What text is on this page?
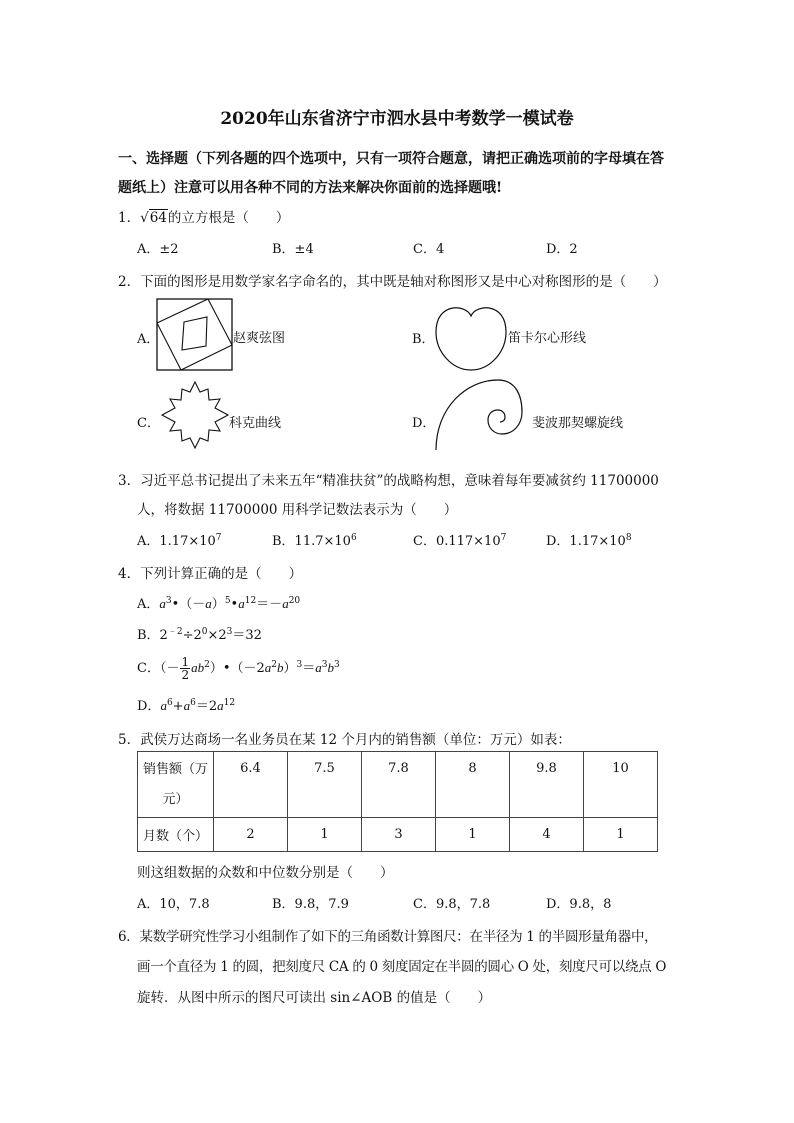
2020年山东省济宁市泗水县中考数学一模试卷
一、选择题（下列各题的四个选项中，只有一项符合题意，请把正确选项前的字母填在答
题纸上）注意可以用各种不同的方法来解决你面前的选择题哦!
1．√64的立方根是（　　）
A．±2	B．±4	C．4	D．2
2．下面的图形是用数学家名字命名的，其中既是轴对称图形又是中心对称图形的是（　　）
A．	赵爽弦图	B．	笛卡尔心形线
C．	科克曲线	D．	斐波那契螺旋线
3．习近平总书记提出了未来五年“精准扶贫”的战略构想，意味着每年要减贫约 11700000
人，将数据 11700000 用科学记数法表示为（　　）
A．$1.17\times 10^7$	B．$11.7\times 10^6$	C．$0.117\times 10^7$	D．$1.17\times 10^8$
4．下列计算正确的是（　　）
A．$a^3•(-a)^5•a^{12}=-a^{20}$
B．$2^{﹣2}\div 2^0\times 2^3=32$
C．（－ $\frac{1}{2}$ $ab^2)•(-2a^2b)^3=a^3b^3$
D．$a^6+a^6=2a^{12}$
5．武侯万达商场一名业务员在某 12 个月内的销售额（单位：万元）如表：
销售额（万
元）	6.4	7.5	7.8	8	9.8	10
月数（个）	2	1	3	1	4	1
则这组数据的众数和中位数分别是（　　）
A．10，7.8	B．9.8，7.9	C．9.8，7.8	D．9.8，8
6．某数学研究性学习小组制作了如下的三角函数计算图尺：在半径为 1 的半圆形量角器中，
画一个直径为 1 的圆，把刻度尺 CA 的 0 刻度固定在半圆的圆心 O 处，刻度尺可以绕点 O
旋转．从图中所示的图尺可读出 sin∠AOB 的值是（　　）
